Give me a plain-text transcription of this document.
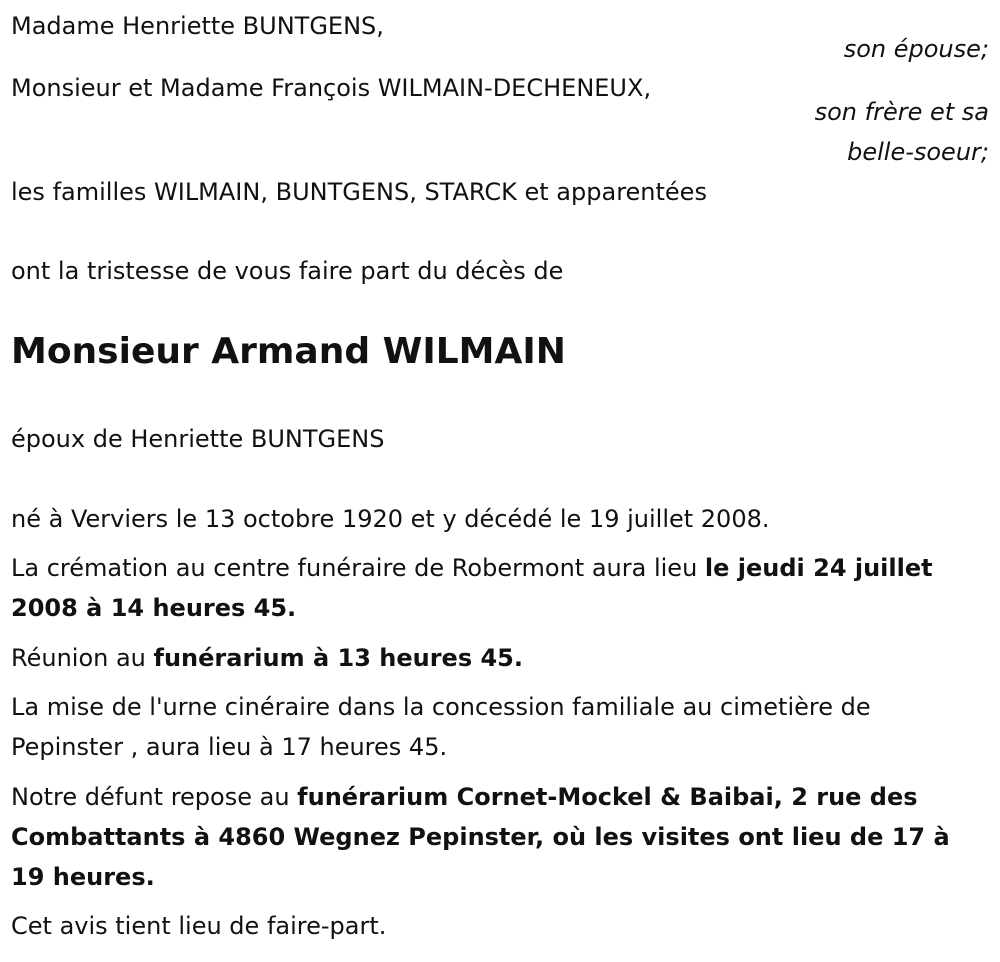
Madame Henriette BUNTGENS,
son épouse;
Monsieur et Madame François WILMAIN-DECHENEUX,
son frère et sa
belle-soeur;
les familles WILMAIN, BUNTGENS, STARCK et apparentées
ont la tristesse de vous faire part du décès de
Monsieur Armand WILMAIN
époux de Henriette BUNTGENS
né à Verviers le 13 octobre 1920 et y décédé le 19 juillet 2008.
La crémation au centre funéraire de Robermont aura lieu le jeudi 24 juillet 2008 à 14 heures 45.
Réunion au funérarium à 13 heures 45.
La mise de l'urne cinéraire dans la concession familiale au cimetière de Pepinster , aura lieu à 17 heures 45.
Notre défunt repose au funérarium Cornet-Mockel & Baibai, 2 rue des Combattants à 4860 Wegnez Pepinster, où les visites ont lieu de 17 à 19 heures.
Cet avis tient lieu de faire-part.
